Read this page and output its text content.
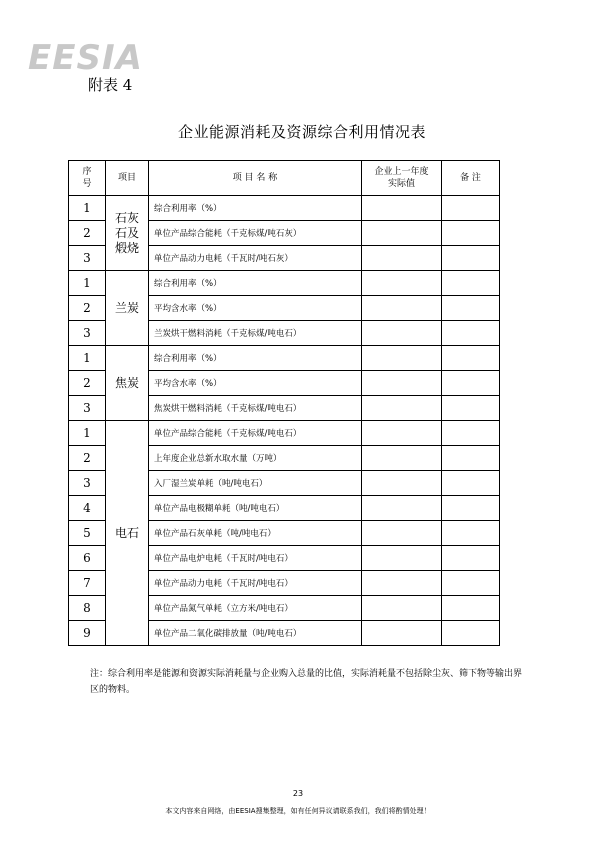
EESIA
附表 4
企业能源消耗及资源综合利用情况表
序号	项目	项 目 名 称	企业上一年度实际值	备 注
1	石灰石及煅烧	综合利用率（%）		
2		单位产品综合能耗（千克标煤/吨石灰）		
3		单位产品动力电耗（千瓦时/吨石灰）		
1	兰炭	综合利用率（%）		
2		平均含水率（%）		
3		兰炭烘干燃料消耗（千克标煤/吨电石）		
1	焦炭	综合利用率（%）		
2		平均含水率（%）		
3		焦炭烘干燃料消耗（千克标煤/吨电石）		
1	电石	单位产品综合能耗（千克标煤/吨电石）		
2		上年度企业总新水取水量（万吨）		
3		入厂湿兰炭单耗（吨/吨电石）		
4		单位产品电极糊单耗（吨/吨电石）		
5		单位产品石灰单耗（吨/吨电石）		
6		单位产品电炉电耗（千瓦时/吨电石）		
7		单位产品动力电耗（千瓦时/吨电石）		
8		单位产品氮气单耗（立方米/吨电石）		
9		单位产品二氧化碳排放量（吨/吨电石）		
注：综合利用率是能源和资源实际消耗量与企业购入总量的比值，实际消耗量不包括除尘灰、筛下物等输出界区的物料。
23
本文内容来自网络，由EESIA搜集整理，如有任何异议请联系我们，我们将酌情处理！
